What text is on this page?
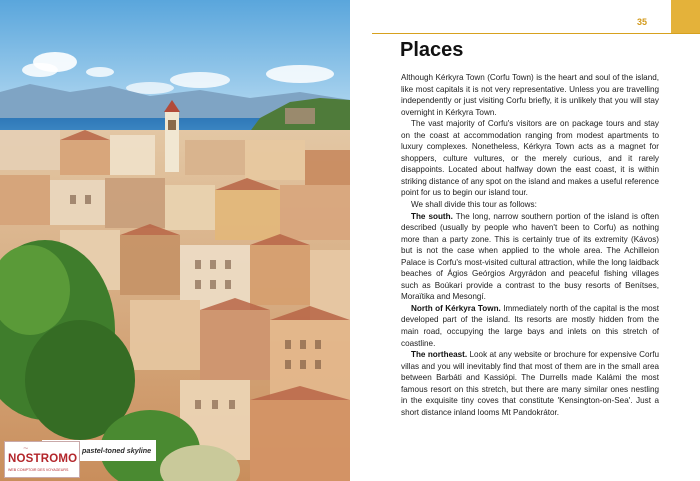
pastel-toned skyline
~
NOSTROMO
WEB COMPTOIR DES VOYAGEURS
35
Places

Although Kérkyra Town (Corfu Town) is the heart and soul of the island, like most capitals it is not very representative. Unless you are travelling independently or just visiting Corfu briefly, it is unlikely that you will stay overnight in Kérkyra Town.

The vast majority of Corfu's visitors are on package tours and stay on the coast at accommodation ranging from modest apartments to luxury complexes. Nonetheless, Kérkyra Town acts as a magnet for shoppers, culture vultures, or the merely curious, and it rarely disappoints. Located about halfway down the east coast, it is within striking distance of any spot on the island and makes a useful reference point for us to begin our island tour.

We shall divide this tour as follows:

The south. The long, narrow southern portion of the island is often described (usually by people who haven't been to Corfu) as nothing more than a party zone. This is certainly true of its extremity (Kávos) but is not the case when applied to the whole area. The Achilleion Palace is Corfu's most-visited cultural attraction, while the long laidback beaches of Ágios Geórgios Argyrádon and peaceful fishing villages such as Boúkari provide a contrast to the busy resorts of Benítses, Moraïtika and Mesongí.

North of Kérkyra Town. Immediately north of the capital is the most developed part of the island. Its resorts are mostly hidden from the main road, occupying the large bays and inlets on this stretch of coastline.

The northeast. Look at any website or brochure for expensive Corfu villas and you will inevitably find that most of them are in the small area between Barbáti and Kassiópi. The Durrells made Kalámi the most famous resort on this stretch, but there are many similar ones nestling in the exquisite tiny coves that constitute 'Kensington-on-Sea'. Just a short distance inland looms Mt Pandokrátor.
